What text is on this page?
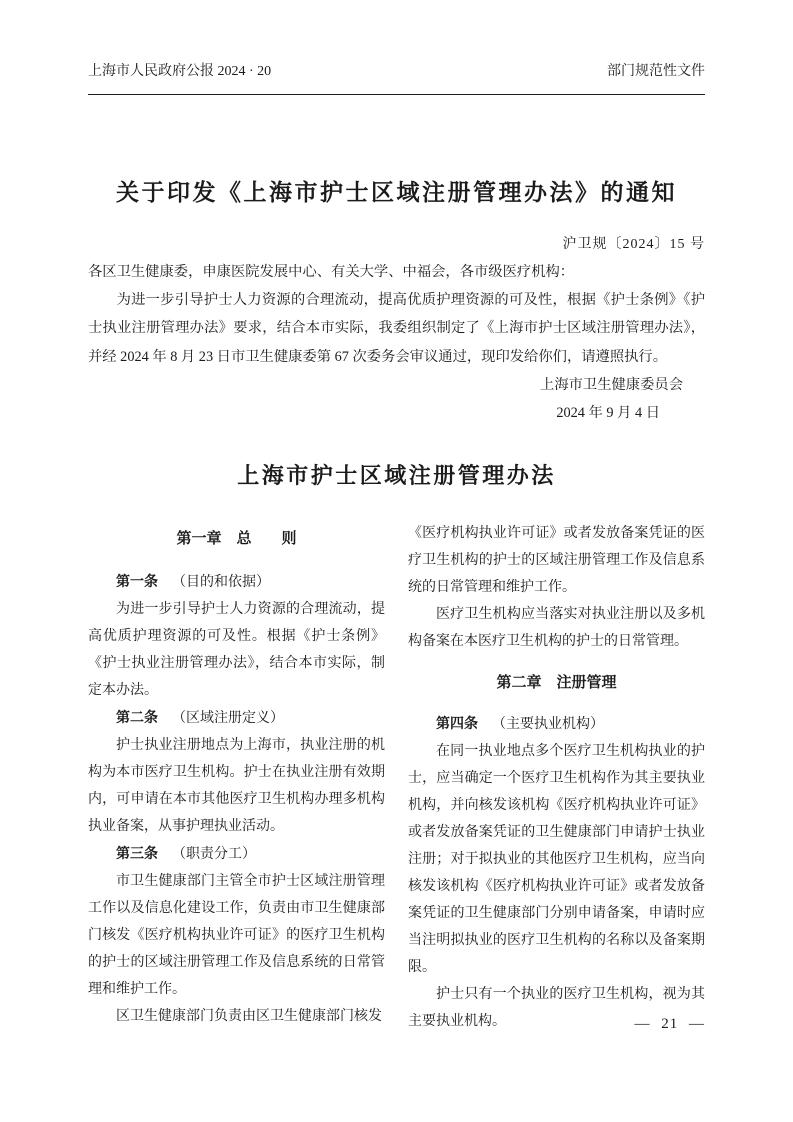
上海市人民政府公报 2024 · 20	部门规范性文件
关于印发《上海市护士区域注册管理办法》的通知
沪卫规〔2024〕15 号

各区卫生健康委，申康医院发展中心、有关大学、中福会，各市级医疗机构：

为进一步引导护士人力资源的合理流动，提高优质护理资源的可及性，根据《护士条例》《护士执业注册管理办法》要求，结合本市实际，我委组织制定了《上海市护士区域注册管理办法》，并经 2024 年 8 月 23 日市卫生健康委第 67 次委务会审议通过，现印发给你们，请遵照执行。

上海市卫生健康委员会
2024 年 9 月 4 日
上海市护士区域注册管理办法

第一章　总　　则

第一条 （目的和依据）

为进一步引导护士人力资源的合理流动，提高优质护理资源的可及性。根据《护士条例》《护士执业注册管理办法》，结合本市实际，制定本办法。

第二条 （区域注册定义）

护士执业注册地点为上海市，执业注册的机构为本市医疗卫生机构。护士在执业注册有效期内，可申请在本市其他医疗卫生机构办理多机构执业备案，从事护理执业活动。

第三条 （职责分工）

市卫生健康部门主管全市护士区域注册管理工作以及信息化建设工作，负责由市卫生健康部门核发《医疗机构执业许可证》的医疗卫生机构的护士的区域注册管理工作及信息系统的日常管理和维护工作。

区卫生健康部门负责由区卫生健康部门核发

《医疗机构执业许可证》或者发放备案凭证的医疗卫生机构的护士的区域注册管理工作及信息系统的日常管理和维护工作。

医疗卫生机构应当落实对执业注册以及多机构备案在本医疗卫生机构的护士的日常管理。

第二章　注册管理

第四条 （主要执业机构）

在同一执业地点多个医疗卫生机构执业的护士，应当确定一个医疗卫生机构作为其主要执业机构，并向核发该机构《医疗机构执业许可证》或者发放备案凭证的卫生健康部门申请护士执业注册；对于拟执业的其他医疗卫生机构，应当向核发该机构《医疗机构执业许可证》或者发放备案凭证的卫生健康部门分别申请备案，申请时应当注明拟执业的医疗卫生机构的名称以及备案期限。

护士只有一个执业的医疗卫生机构，视为其主要执业机构。	— 21 —
